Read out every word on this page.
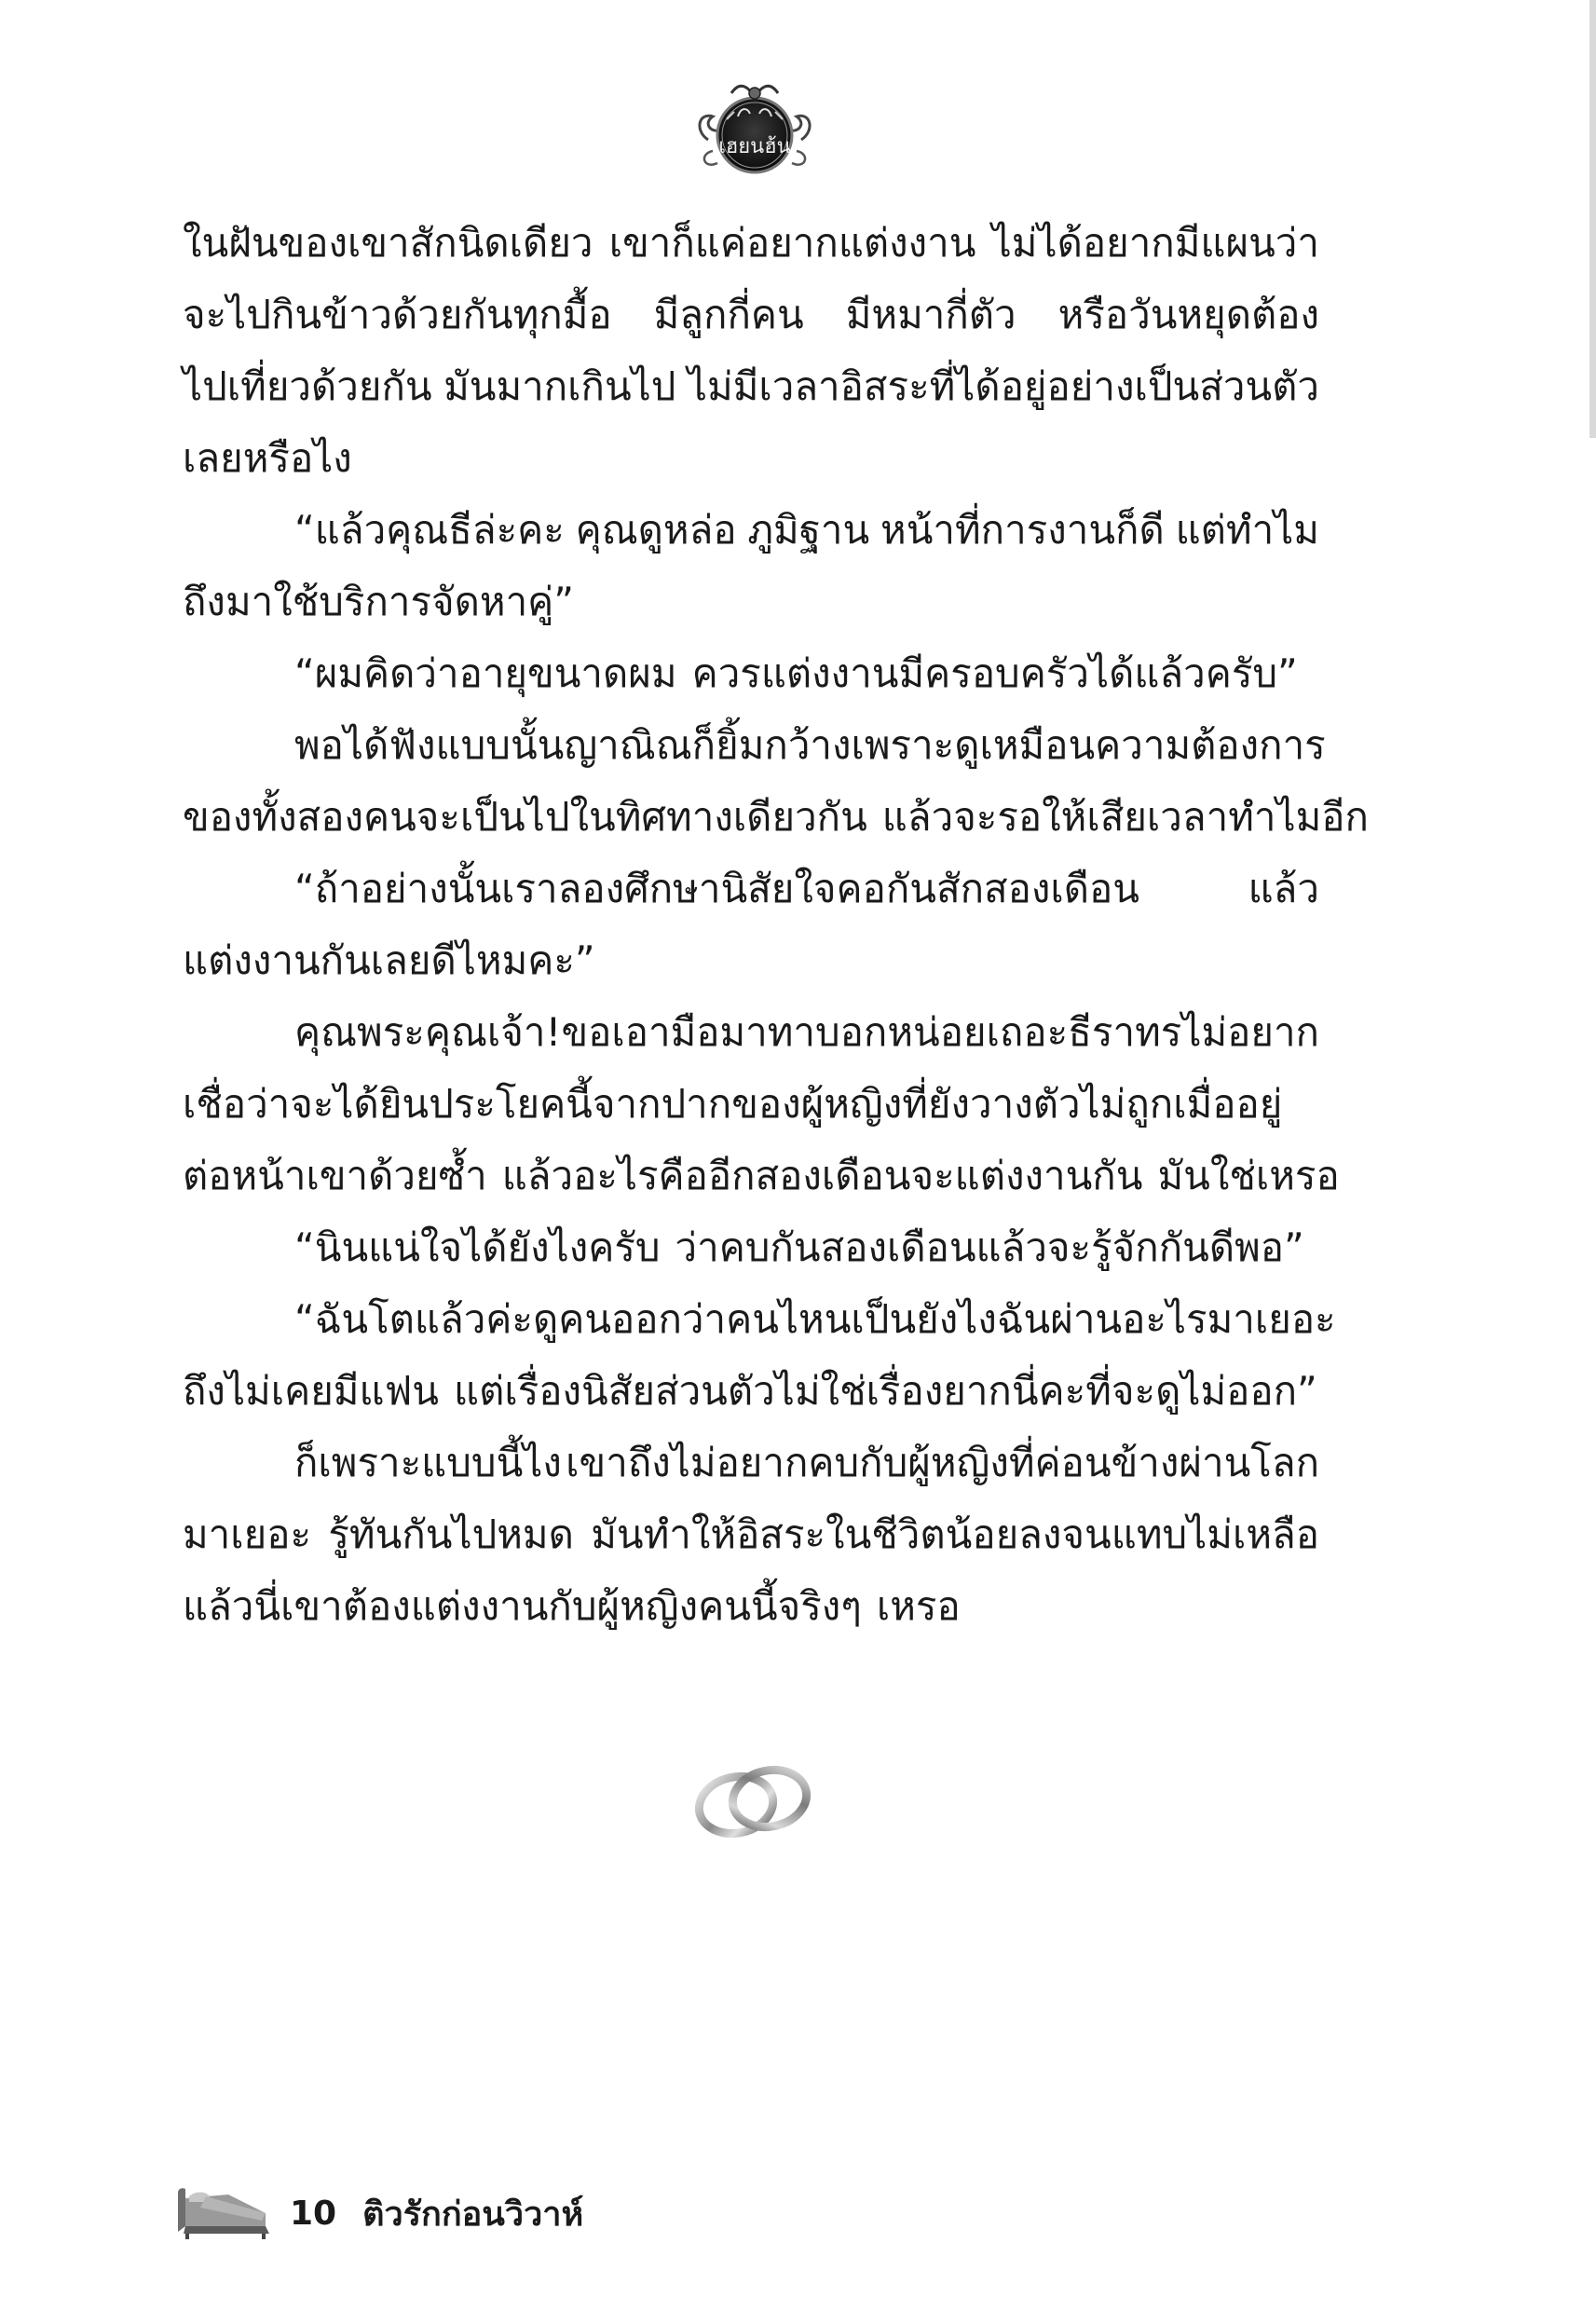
เฮยนฮ้น
ในฝันของเขาสักนิดเดียว เขาก็แค่อยากแต่งงาน ไม่ได้อยากมีแผนว่า
จะไปกินข้าวด้วยกันทุกมื้อ มีลูกกี่คน มีหมากี่ตัว หรือวันหยุดต้อง
ไปเที่ยวด้วยกัน มันมากเกินไป ไม่มีเวลาอิสระที่ได้อยู่อย่างเป็นส่วนตัว
เลยหรือไง
“แล้วคุณธีล่ะคะ คุณดูหล่อ ภูมิฐาน หน้าที่การงานก็ดี แต่ทำไม
ถึงมาใช้บริการจัดหาคู่”
“ผมคิดว่าอายุขนาดผม ควรแต่งงานมีครอบครัวได้แล้วครับ”
พอได้ฟังแบบนั้นญาณิณก็ยิ้มกว้าง เพราะดูเหมือนความต้องการ
ของทั้งสองคนจะเป็นไปในทิศทางเดียวกัน แล้วจะรอให้เสียเวลาทำไมอีก
“ถ้าอย่างนั้นเราลองศึกษานิสัยใจคอกันสักสองเดือน	แล้ว
แต่งงานกันเลยดีไหมคะ”
คุณพระคุณเจ้า! ขอเอามือมาทาบอกหน่อยเถอะ ธีราทรไม่อยาก
เชื่อว่าจะได้ยินประโยคนี้จากปากของผู้หญิงที่ยังวางตัวไม่ถูกเมื่ออยู่
ต่อหน้าเขาด้วยซ้ำ แล้วอะไรคืออีกสองเดือนจะแต่งงานกัน มันใช่เหรอ
“นินแน่ใจได้ยังไงครับ ว่าคบกันสองเดือนแล้วจะรู้จักกันดีพอ”
“ฉันโตแล้วค่ะ ดูคนออกว่าคนไหนเป็นยังไง ฉันผ่านอะไรมาเยอะ
ถึงไม่เคยมีแฟน แต่เรื่องนิสัยส่วนตัวไม่ใช่เรื่องยากนี่คะที่จะดูไม่ออก”
ก็เพราะแบบนี้ไง เขาถึงไม่อยากคบกับผู้หญิงที่ค่อนข้างผ่านโลก
มาเยอะ รู้ทันกันไปหมด มันทำให้อิสระในชีวิตน้อยลงจนแทบไม่เหลือ
แล้วนี่เขาต้องแต่งงานกับผู้หญิงคนนี้จริงๆ เหรอ
10 ติวรักก่อนวิวาห์
